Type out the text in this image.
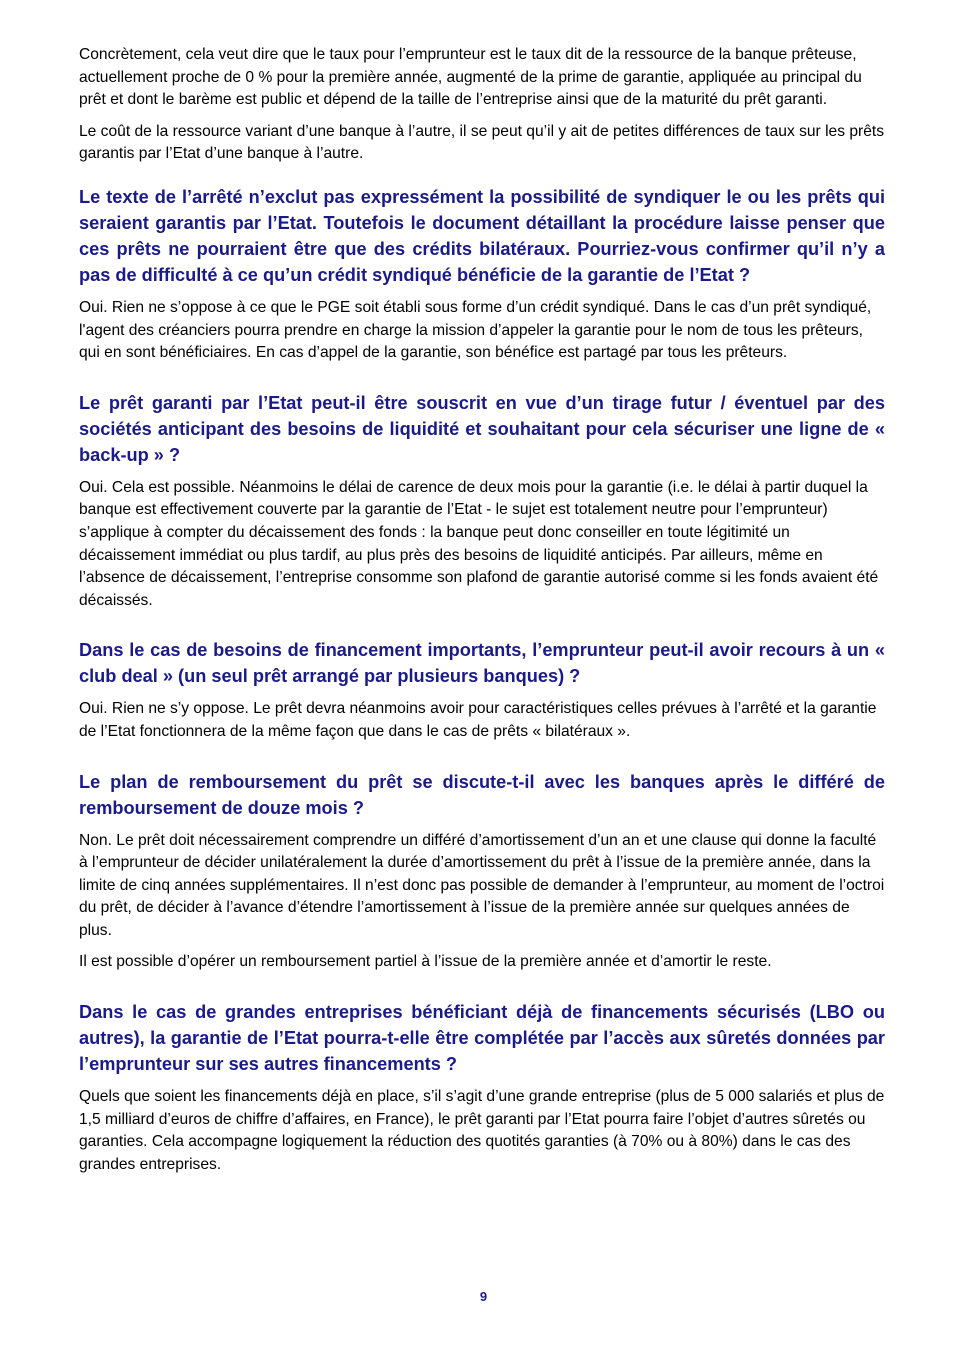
Concrètement, cela veut dire que le taux pour l’emprunteur est le taux dit de la ressource de la banque prêteuse, actuellement proche de 0 % pour la première année, augmenté de la prime de garantie, appliquée au principal du prêt et dont le barème est public et dépend de la taille de l’entreprise ainsi que de la maturité du prêt garanti.

Le coût de la ressource variant d’une banque à l’autre, il se peut qu’il y ait de petites différences de taux sur les prêts garantis par l’Etat d’une banque à l’autre.

Le texte de l’arrêté n’exclut pas expressément la possibilité de syndiquer le ou les prêts qui seraient garantis par l’Etat. Toutefois le document détaillant la procédure laisse penser que ces prêts ne pourraient être que des crédits bilatéraux. Pourriez-vous confirmer qu’il n’y a pas de difficulté à ce qu’un crédit syndiqué bénéficie de la garantie de l’Etat ?

Oui. Rien ne s’oppose à ce que le PGE soit établi sous forme d’un crédit syndiqué. Dans le cas d’un prêt syndiqué, l'agent des créanciers pourra prendre en charge la mission d’appeler la garantie pour le nom de tous les prêteurs, qui en sont bénéficiaires. En cas d’appel de la garantie, son bénéfice est partagé par tous les prêteurs.

Le prêt garanti par l’Etat peut-il être souscrit en vue d’un tirage futur / éventuel par des sociétés anticipant des besoins de liquidité et souhaitant pour cela sécuriser une ligne de « back-up » ?

Oui. Cela est possible. Néanmoins le délai de carence de deux mois pour la garantie (i.e. le délai à partir duquel la banque est effectivement couverte par la garantie de l’Etat - le sujet est totalement neutre pour l’emprunteur) s’applique à compter du décaissement des fonds : la banque peut donc conseiller en toute légitimité un décaissement immédiat ou plus tardif, au plus près des besoins de liquidité anticipés. Par ailleurs, même en l’absence de décaissement, l’entreprise consomme son plafond de garantie autorisé comme si les fonds avaient été décaissés.

Dans le cas de besoins de financement importants, l’emprunteur peut-il avoir recours à un « club deal » (un seul prêt arrangé par plusieurs banques) ?

Oui. Rien ne s’y oppose. Le prêt devra néanmoins avoir pour caractéristiques celles prévues à l’arrêté et la garantie de l’Etat fonctionnera de la même façon que dans le cas de prêts « bilatéraux ».

Le plan de remboursement du prêt se discute-t-il avec les banques après le différé de remboursement de douze mois ?

Non. Le prêt doit nécessairement comprendre un différé d’amortissement d’un an et une clause qui donne la faculté à l’emprunteur de décider unilatéralement la durée d’amortissement du prêt à l’issue de la première année, dans la limite de cinq années supplémentaires. Il n’est donc pas possible de demander à l’emprunteur, au moment de l’octroi du prêt, de décider à l’avance d’étendre l’amortissement à l’issue de la première année sur quelques années de plus.

Il est possible d’opérer un remboursement partiel à l’issue de la première année et d’amortir le reste.

Dans le cas de grandes entreprises bénéficiant déjà de financements sécurisés (LBO ou autres), la garantie de l’Etat pourra-t-elle être complétée par l’accès aux sûretés données par l’emprunteur sur ses autres financements ?

Quels que soient les financements déjà en place, s’il s’agit d’une grande entreprise (plus de 5 000 salariés et plus de 1,5 milliard d’euros de chiffre d’affaires, en France), le prêt garanti par l’Etat pourra faire l’objet d’autres sûretés ou garanties. Cela accompagne logiquement la réduction des quotités garanties (à 70% ou à 80%) dans le cas des grandes entreprises.

9
